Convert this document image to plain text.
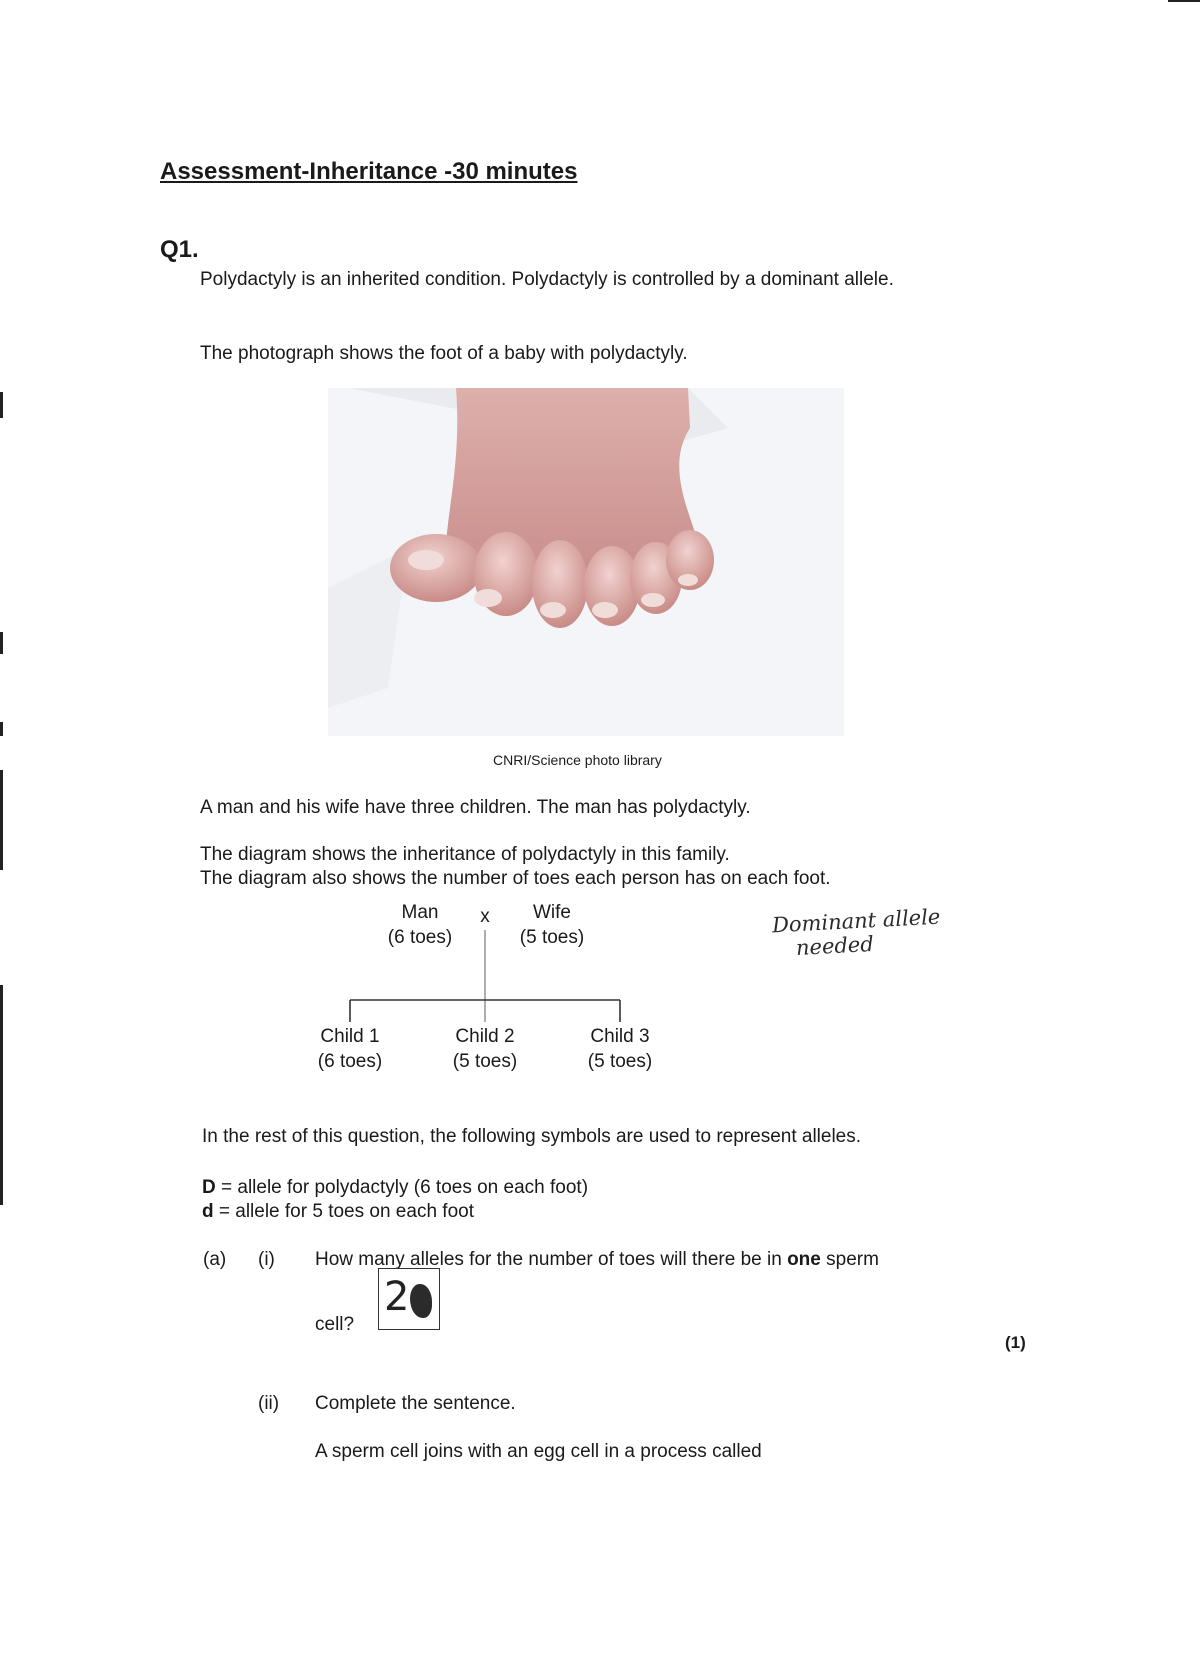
Assessment-Inheritance -30 minutes
Q1.
Polydactyly is an inherited condition. Polydactyly is controlled by a dominant allele.
The photograph shows the foot of a baby with polydactyly.
CNRI/Science photo library
A man and his wife have three children. The man has polydactyly.
The diagram shows the inheritance of polydactyly in this family.
The diagram also shows the number of toes each person has on each foot.
Man
(6 toes)
x	Wife
(5 toes)
Child 1
(6 toes)
Child 2
(5 toes)
Child 3
(5 toes)
Dominant allele
needed
In the rest of this question, the following symbols are used to represent alleles.
D = allele for polydactyly (6 toes on each foot)
d = allele for 5 toes on each foot
(a) (i) How many alleles for the number of toes will there be in one sperm
cell?
2
(1)
(ii) Complete the sentence.
A sperm cell joins with an egg cell in a process called
